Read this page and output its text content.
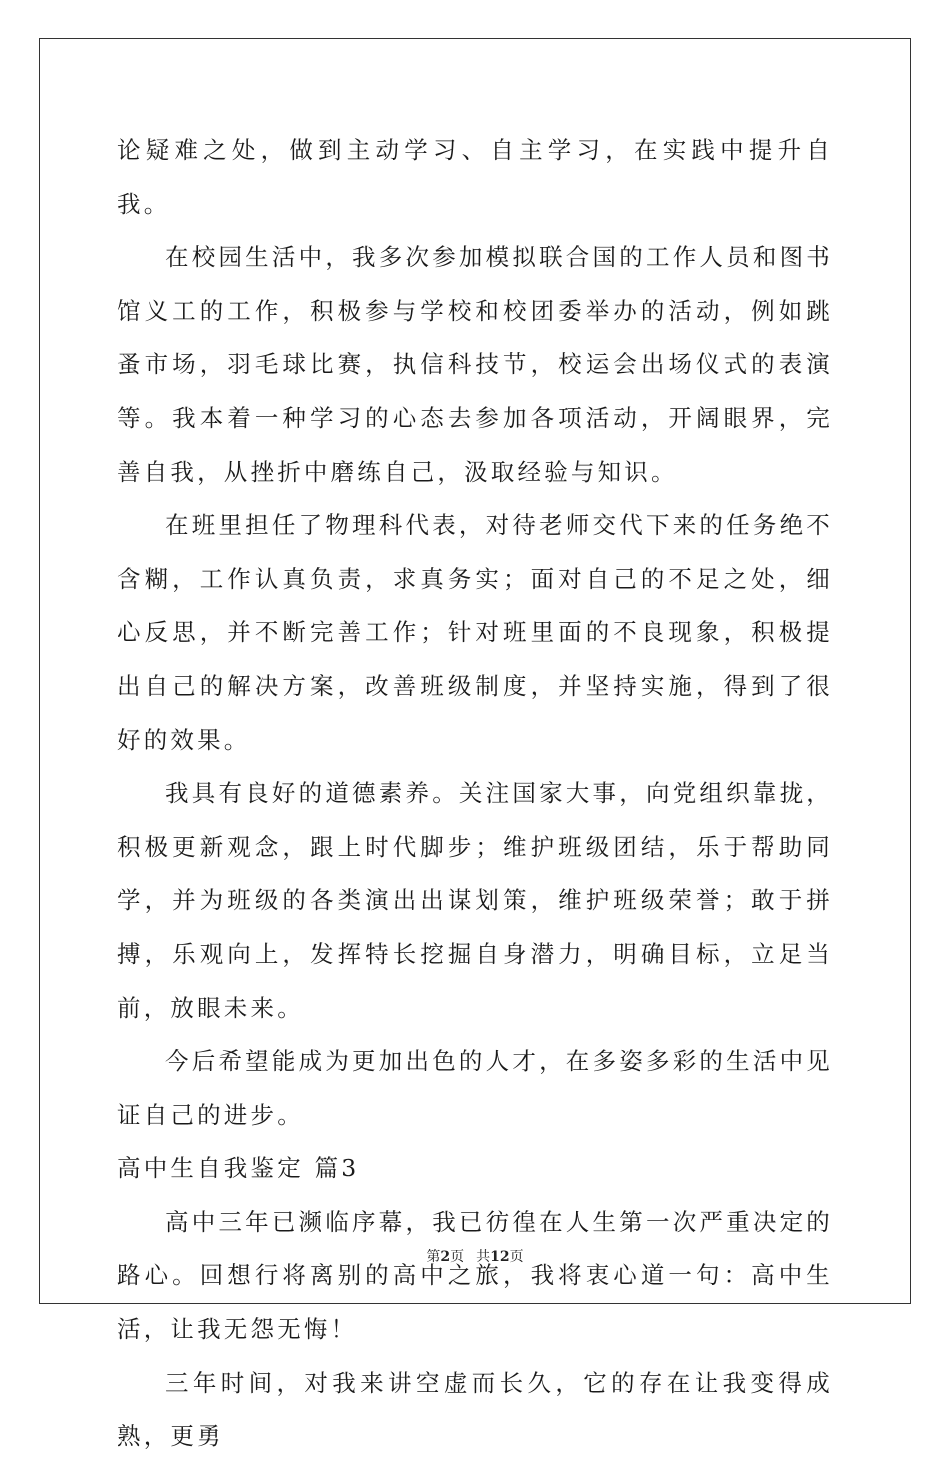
论疑难之处，做到主动学习、自主学习，在实践中提升自我。

在校园生活中，我多次参加模拟联合国的工作人员和图书馆义工的工作，积极参与学校和校团委举办的活动，例如跳蚤市场，羽毛球比赛，执信科技节，校运会出场仪式的表演等。我本着一种学习的心态去参加各项活动，开阔眼界，完善自我，从挫折中磨练自己，汲取经验与知识。

在班里担任了物理科代表，对待老师交代下来的任务绝不含糊，工作认真负责，求真务实；面对自己的不足之处，细心反思，并不断完善工作；针对班里面的不良现象，积极提出自己的解决方案，改善班级制度，并坚持实施，得到了很好的效果。

我具有良好的道德素养。关注国家大事，向党组织靠拢，积极更新观念，跟上时代脚步；维护班级团结，乐于帮助同学，并为班级的各类演出出谋划策，维护班级荣誉；敢于拼搏，乐观向上，发挥特长挖掘自身潜力，明确目标，立足当前，放眼未来。

今后希望能成为更加出色的人才，在多姿多彩的生活中见证自己的进步。

高中生自我鉴定 篇3

高中三年已濒临序幕，我已彷徨在人生第一次严重决定的路心。回想行将离别的高中之旅，我将衷心道一句：高中生活，让我无怨无悔！

三年时间，对我来讲空虚而长久，它的存在让我变得成熟，更勇

第2页 共12页
